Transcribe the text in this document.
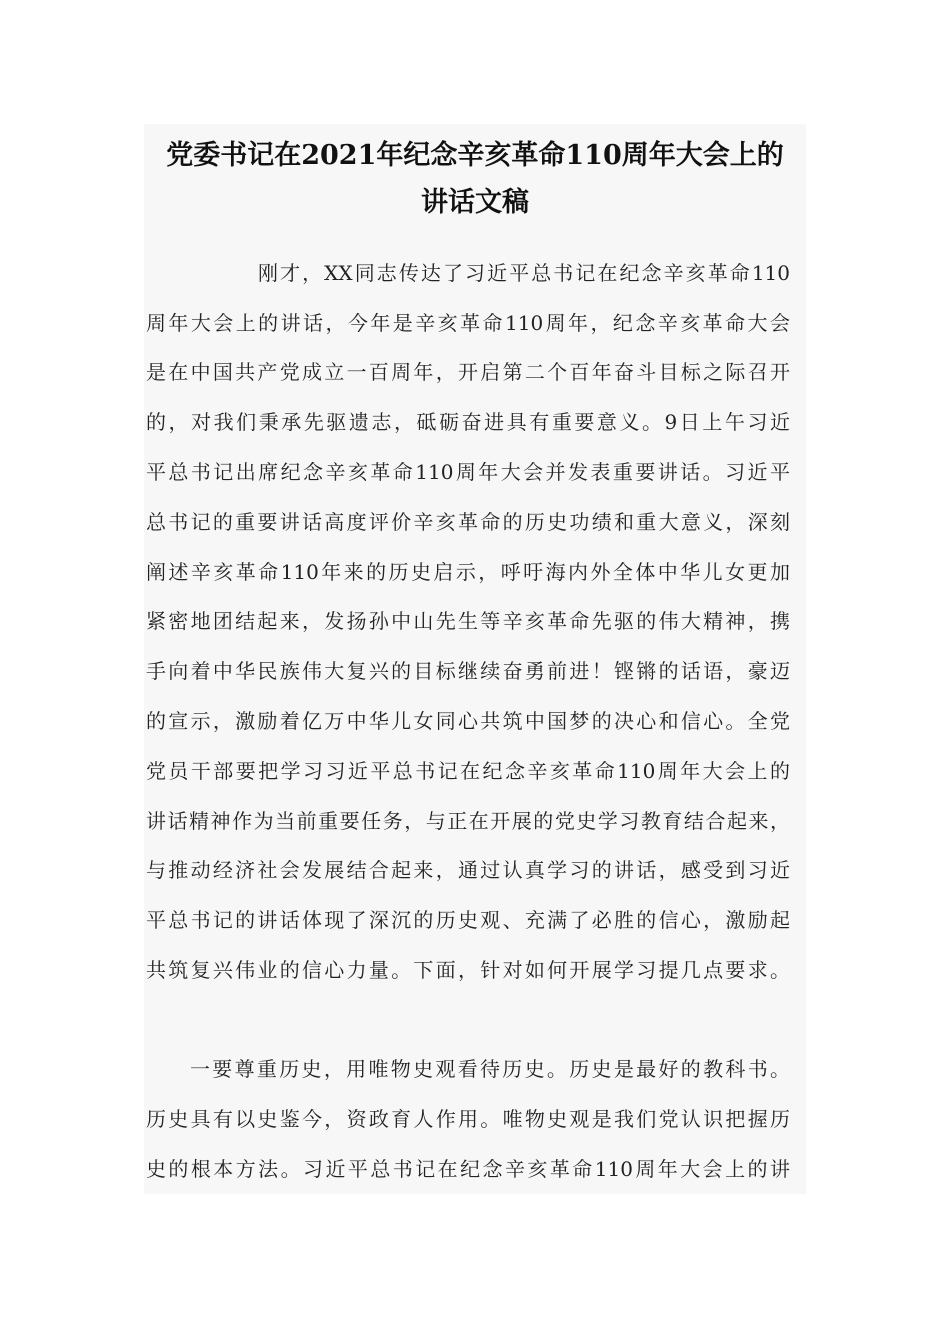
党委书记在2021年纪念辛亥革命110周年大会上的
讲话文稿
刚才，XX同志传达了习近平总书记在纪念辛亥革命110
周年大会上的讲话，今年是辛亥革命110周年，纪念辛亥革命大会
是在中国共产党成立一百周年，开启第二个百年奋斗目标之际召开
的，对我们秉承先驱遗志，砥砺奋进具有重要意义。9日上午习近
平总书记出席纪念辛亥革命110周年大会并发表重要讲话。习近平
总书记的重要讲话高度评价辛亥革命的历史功绩和重大意义，深刻
阐述辛亥革命110年来的历史启示，呼吁海内外全体中华儿女更加
紧密地团结起来，发扬孙中山先生等辛亥革命先驱的伟大精神，携
手向着中华民族伟大复兴的目标继续奋勇前进！铿锵的话语，豪迈
的宣示，激励着亿万中华儿女同心共筑中国梦的决心和信心。全党
党员干部要把学习习近平总书记在纪念辛亥革命110周年大会上的
讲话精神作为当前重要任务，与正在开展的党史学习教育结合起来，
与推动经济社会发展结合起来，通过认真学习的讲话，感受到习近
平总书记的讲话体现了深沉的历史观、充满了必胜的信心，激励起
共筑复兴伟业的信心力量。下面，针对如何开展学习提几点要求。
一要尊重历史，用唯物史观看待历史。历史是最好的教科书。
历史具有以史鉴今，资政育人作用。唯物史观是我们党认识把握历
史的根本方法。习近平总书记在纪念辛亥革命110周年大会上的讲
